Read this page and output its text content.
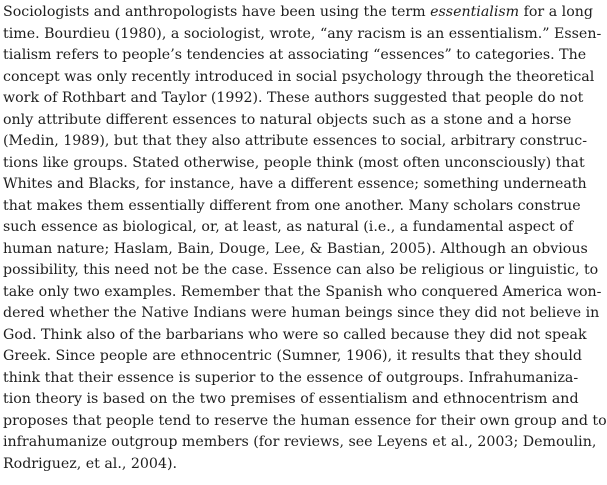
Sociologists and anthropologists have been using the term essentialism for a long
time. Bourdieu (1980), a sociologist, wrote, “any racism is an essentialism.” Essen-
tialism refers to people’s tendencies at associating “essences” to categories. The
concept was only recently introduced in social psychology through the theoretical
work of Rothbart and Taylor (1992). These authors suggested that people do not
only attribute different essences to natural objects such as a stone and a horse
(Medin, 1989), but that they also attribute essences to social, arbitrary construc-
tions like groups. Stated otherwise, people think (most often unconsciously) that
Whites and Blacks, for instance, have a different essence; something underneath
that makes them essentially different from one another. Many scholars construe
such essence as biological, or, at least, as natural (i.e., a fundamental aspect of
human nature; Haslam, Bain, Douge, Lee, & Bastian, 2005). Although an obvious
possibility, this need not be the case. Essence can also be religious or linguistic, to
take only two examples. Remember that the Spanish who conquered America won-
dered whether the Native Indians were human beings since they did not believe in
God. Think also of the barbarians who were so called because they did not speak
Greek. Since people are ethnocentric (Sumner, 1906), it results that they should
think that their essence is superior to the essence of outgroups. Infrahumaniza-
tion theory is based on the two premises of essentialism and ethnocentrism and
proposes that people tend to reserve the human essence for their own group and to
infrahumanize outgroup members (for reviews, see Leyens et al., 2003; Demoulin,
Rodriguez, et al., 2004).
